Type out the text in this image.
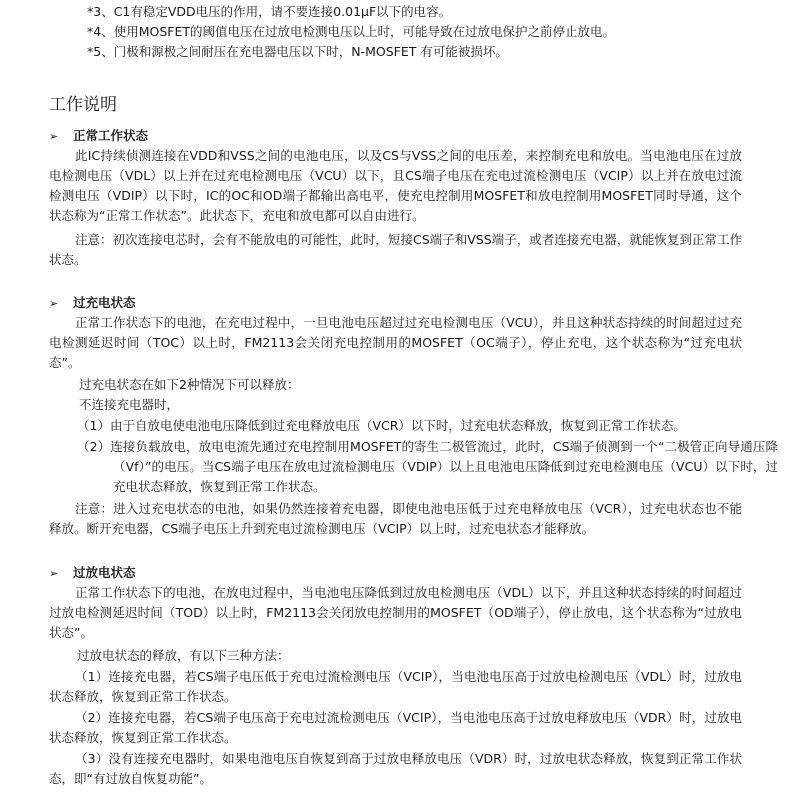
*3、C1有稳定VDD电压的作用，请不要连接0.01μF以下的电容。
*4、使用MOSFET的阈值电压在过放电检测电压以上时，可能导致在过放电保护之前停止放电。
*5、门极和源极之间耐压在充电器电压以下时，N-MOSFET 有可能被损坏。
工作说明
➢ 正常工作状态

此IC持续侦测连接在VDD和VSS之间的电池电压，以及CS与VSS之间的电压差，来控制充电和放电。当电池电压在过放电检测电压（VDL）以上并在过充电检测电压（VCU）以下，且CS端子电压在充电过流检测电压（VCIP）以上并在放电过流检测电压（VDIP）以下时，IC的OC和OD端子都输出高电平，使充电控制用MOSFET和放电控制用MOSFET同时导通，这个状态称为“正常工作状态”。此状态下，充电和放电都可以自由进行。

注意：初次连接电芯时，会有不能放电的可能性，此时，短接CS端子和VSS端子，或者连接充电器，就能恢复到正常工作状态。

➢ 过充电状态

正常工作状态下的电池，在充电过程中，一旦电池电压超过过充电检测电压（VCU），并且这种状态持续的时间超过过充电检测延迟时间（TOC）以上时，FM2113会关闭充电控制用的MOSFET（OC端子），停止充电，这个状态称为“过充电状态”。

过充电状态在如下2种情况下可以释放：
不连接充电器时，

（1）由于自放电使电池电压降低到过充电释放电压（VCR）以下时，过充电状态释放，恢复到正常工作状态。

（2）连接负载放电，放电电流先通过充电控制用MOSFET的寄生二极管流过，此时，CS端子侦测到一个“二极管正向导通压降（Vf）”的电压。当CS端子电压在放电过流检测电压（VDIP）以上且电池电压降低到过充电检测电压（VCU）以下时，过充电状态释放，恢复到正常工作状态。

注意：进入过充电状态的电池，如果仍然连接着充电器，即使电池电压低于过充电释放电压（VCR），过充电状态也不能释放。断开充电器，CS端子电压上升到充电过流检测电压（VCIP）以上时，过充电状态才能释放。

➢ 过放电状态

正常工作状态下的电池，在放电过程中，当电池电压降低到过放电检测电压（VDL）以下，并且这种状态持续的时间超过过放电检测延迟时间（TOD）以上时，FM2113会关闭放电控制用的MOSFET（OD端子），停止放电，这个状态称为“过放电状态”。

过放电状态的释放，有以下三种方法：

（1）连接充电器，若CS端子电压低于充电过流检测电压（VCIP），当电池电压高于过放电检测电压（VDL）时，过放电状态释放，恢复到正常工作状态。

（2）连接充电器，若CS端子电压高于充电过流检测电压（VCIP），当电池电压高于过放电释放电压（VDR）时，过放电状态释放，恢复到正常工作状态。

（3）没有连接充电器时，如果电池电压自恢复到高于过放电释放电压（VDR）时，过放电状态释放，恢复到正常工作状态，即“有过放自恢复功能”。
